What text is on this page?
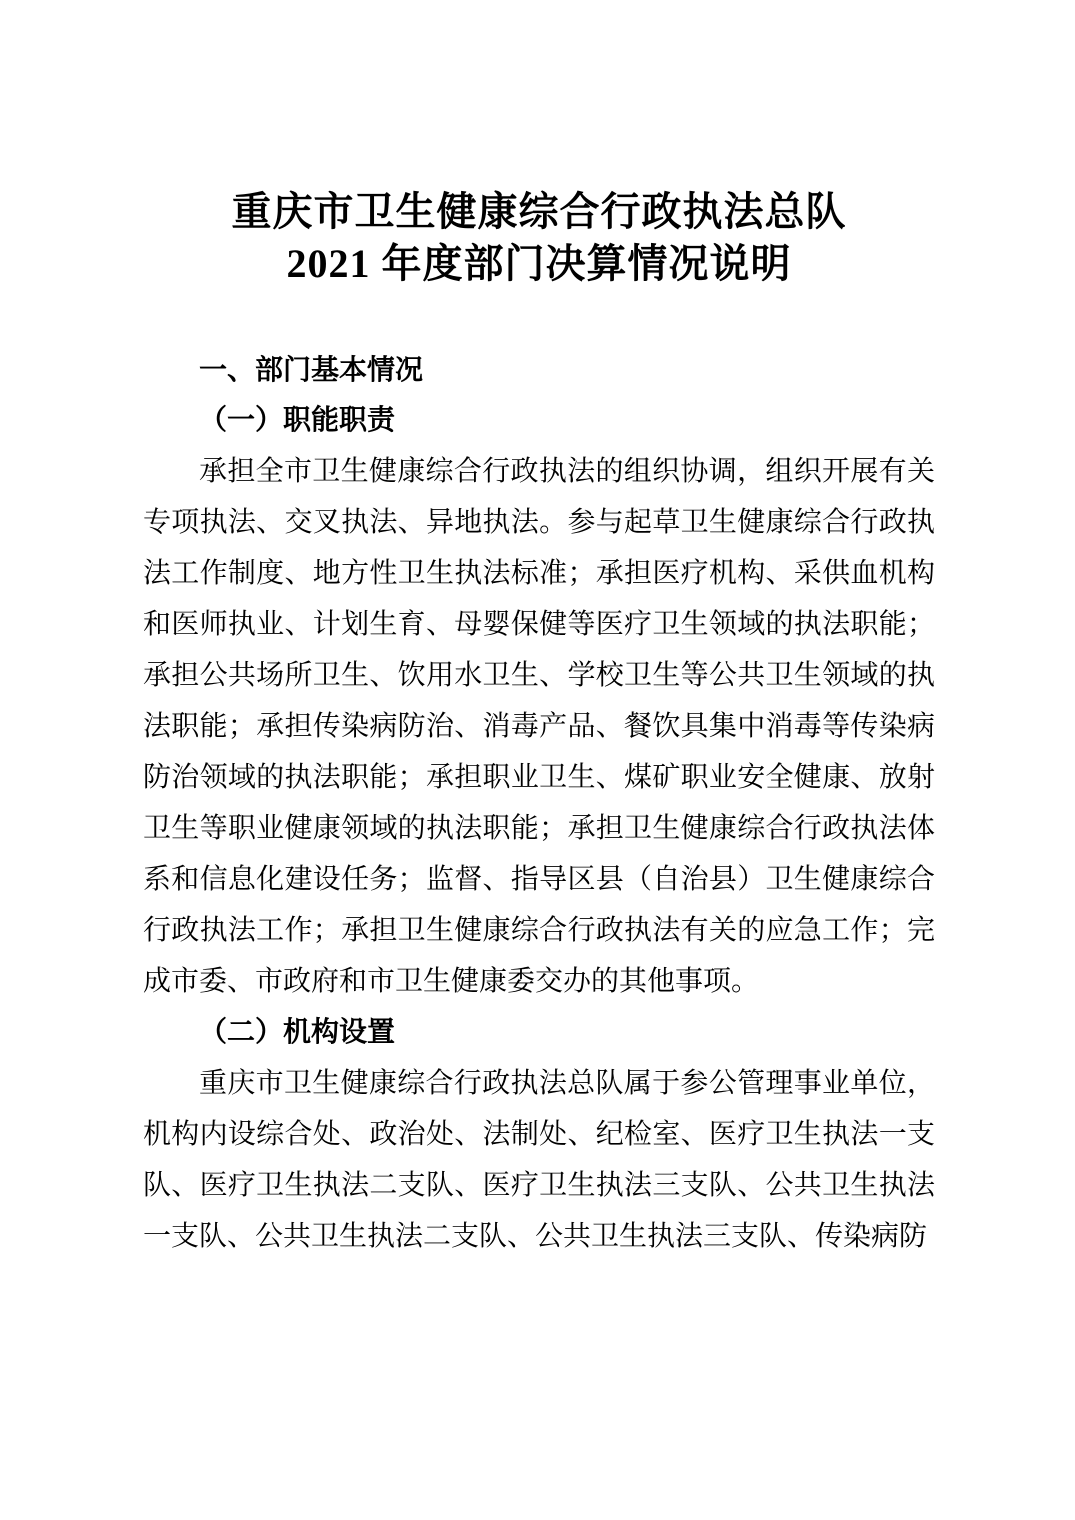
重庆市卫生健康综合行政执法总队
2021 年度部门决算情况说明
一、部门基本情况
（一）职能职责

承担全市卫生健康综合行政执法的组织协调，组织开展有关专项执法、交叉执法、异地执法。参与起草卫生健康综合行政执法工作制度、地方性卫生执法标准；承担医疗机构、采供血机构和医师执业、计划生育、母婴保健等医疗卫生领域的执法职能；承担公共场所卫生、饮用水卫生、学校卫生等公共卫生领域的执法职能；承担传染病防治、消毒产品、餐饮具集中消毒等传染病防治领域的执法职能；承担职业卫生、煤矿职业安全健康、放射卫生等职业健康领域的执法职能；承担卫生健康综合行政执法体系和信息化建设任务；监督、指导区县（自治县）卫生健康综合行政执法工作；承担卫生健康综合行政执法有关的应急工作；完成市委、市政府和市卫生健康委交办的其他事项。

（二）机构设置

重庆市卫生健康综合行政执法总队属于参公管理事业单位，机构内设综合处、政治处、法制处、纪检室、医疗卫生执法一支队、医疗卫生执法二支队、医疗卫生执法三支队、公共卫生执法一支队、公共卫生执法二支队、公共卫生执法三支队、传染病防
